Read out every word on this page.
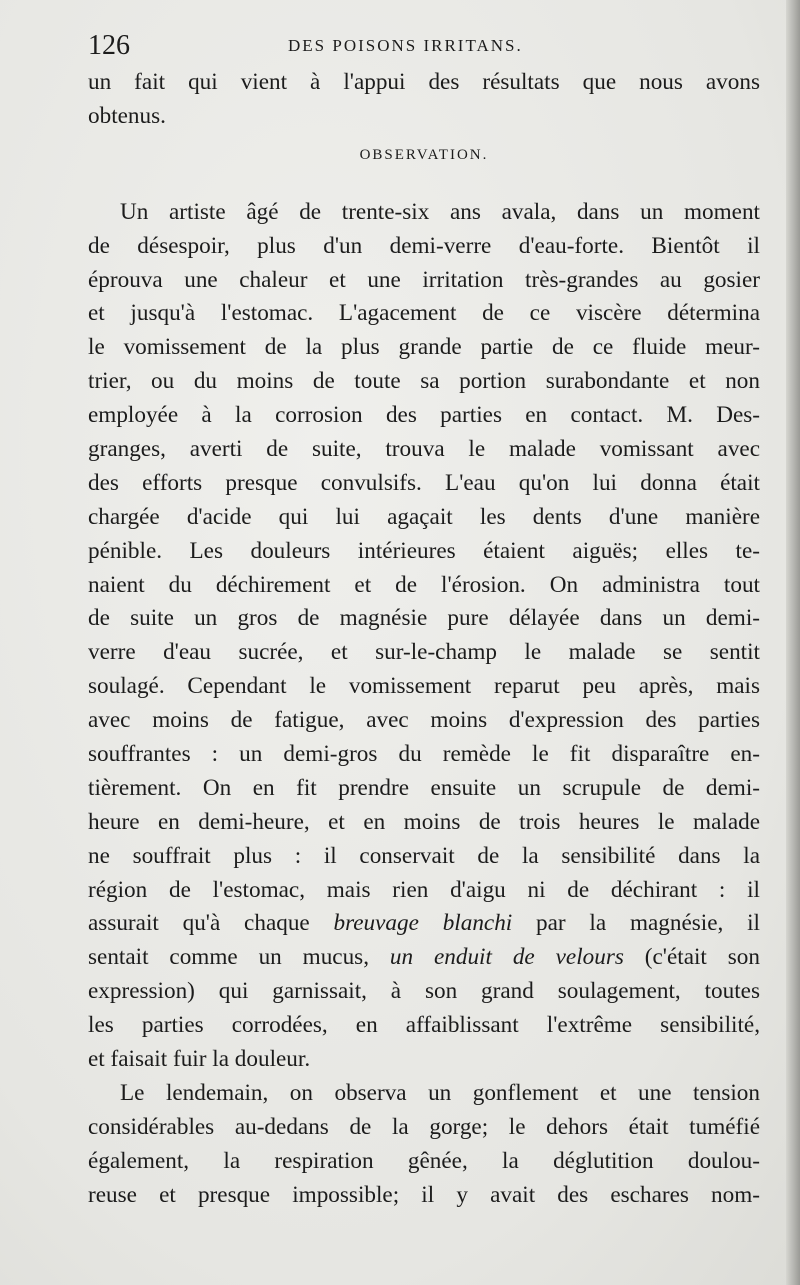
126	DES POISONS IRRITANS.
un fait qui vient à l'appui des résultats que nous avons
obtenus.
OBSERVATION.
Un artiste âgé de trente-six ans avala, dans un moment
de désespoir, plus d'un demi-verre d'eau-forte. Bientôt il
éprouva une chaleur et une irritation très-grandes au gosier
et jusqu'à l'estomac. L'agacement de ce viscère détermina
le vomissement de la plus grande partie de ce fluide meur-
trier, ou du moins de toute sa portion surabondante et non
employée à la corrosion des parties en contact. M. Des-
granges, averti de suite, trouva le malade vomissant avec
des efforts presque convulsifs. L'eau qu'on lui donna était
chargée d'acide qui lui agaçait les dents d'une manière
pénible. Les douleurs intérieures étaient aiguës; elles te-
naient du déchirement et de l'érosion. On administra tout
de suite un gros de magnésie pure délayée dans un demi-
verre d'eau sucrée, et sur-le-champ le malade se sentit
soulagé. Cependant le vomissement reparut peu après, mais
avec moins de fatigue, avec moins d'expression des parties
souffrantes : un demi-gros du remède le fit disparaître en-
tièrement. On en fit prendre ensuite un scrupule de demi-
heure en demi-heure, et en moins de trois heures le malade
ne souffrait plus : il conservait de la sensibilité dans la
région de l'estomac, mais rien d'aigu ni de déchirant : il
assurait qu'à chaque breuvage blanchi par la magnésie, il
sentait comme un mucus, un enduit de velours (c'était son
expression) qui garnissait, à son grand soulagement, toutes
les parties corrodées, en affaiblissant l'extrême sensibilité,
et faisait fuir la douleur.
Le lendemain, on observa un gonflement et une tension
considérables au-dedans de la gorge; le dehors était tuméfié
également, la respiration gênée, la déglutition doulou-
reuse et presque impossible; il y avait des eschares nom-
